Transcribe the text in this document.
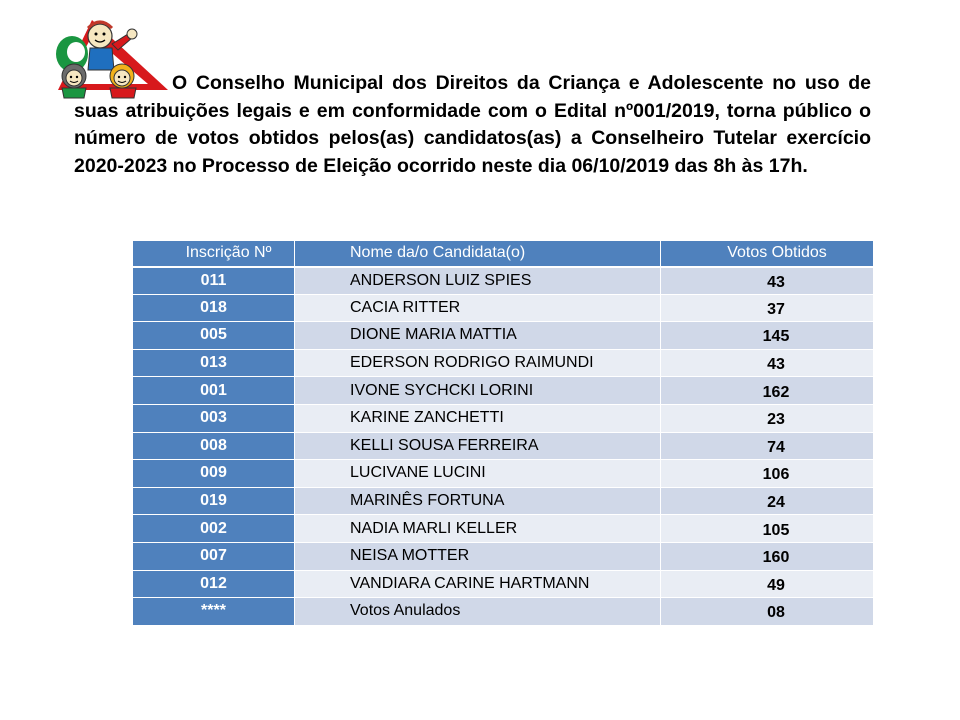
O Conselho Municipal dos Direitos da Criança e Adolescente no uso de suas atribuições legais e em conformidade com o Edital nº001/2019, torna público o número de votos obtidos pelos(as) candidatos(as) a Conselheiro Tutelar exercício 2020-2023 no Processo de Eleição ocorrido neste dia 06/10/2019 das 8h às 17h.
Inscrição Nº	Nome da/o Candidata(o)	Votos Obtidos
011	ANDERSON LUIZ SPIES	43
018	CACIA RITTER	37
005	DIONE MARIA MATTIA	145
013	EDERSON RODRIGO RAIMUNDI	43
001	IVONE SYCHCKI LORINI	162
003	KARINE ZANCHETTI	23
008	KELLI SOUSA FERREIRA	74
009	LUCIVANE LUCINI	106
019	MARINÊS FORTUNA	24
002	NADIA MARLI KELLER	105
007	NEISA MOTTER	160
012	VANDIARA CARINE HARTMANN	49
****	Votos Anulados	08
